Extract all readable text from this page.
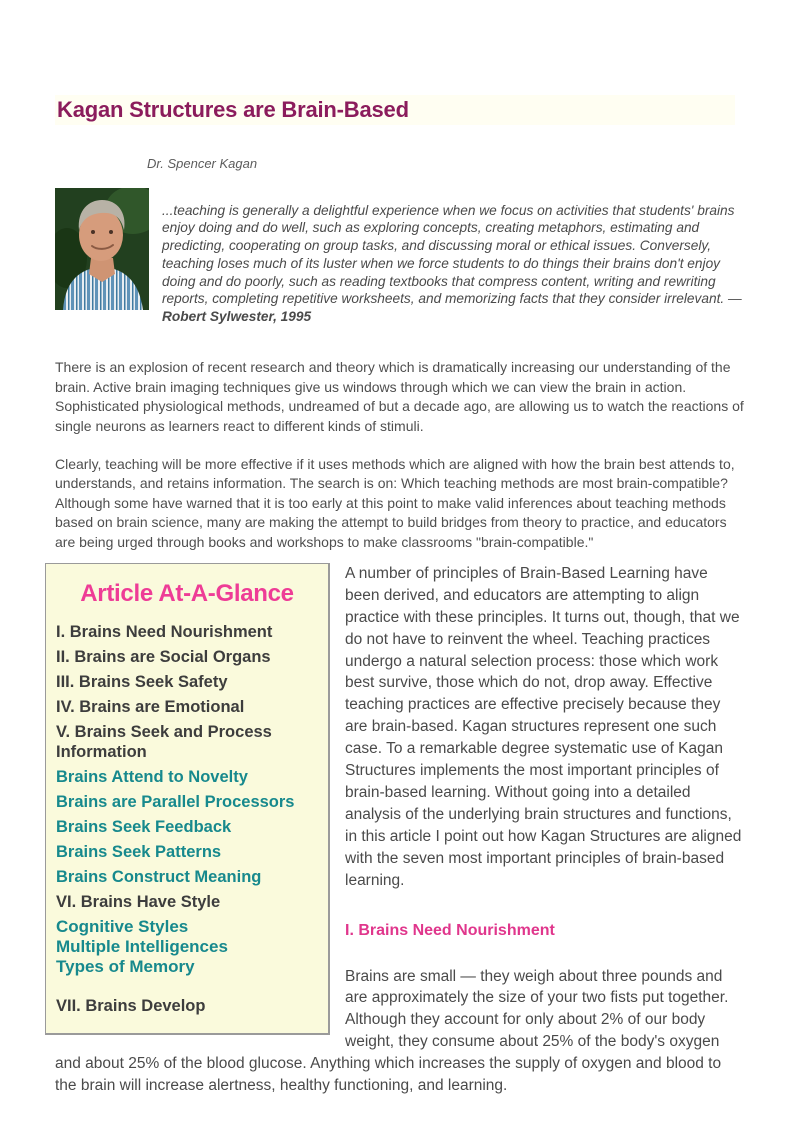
Kagan Structures are Brain-Based
Dr. Spencer Kagan

...teaching is generally a delightful experience when we focus on activities that students' brains enjoy doing and do well, such as exploring concepts, creating metaphors, estimating and predicting, cooperating on group tasks, and discussing moral or ethical issues. Conversely, teaching loses much of its luster when we force students to do things their brains don't enjoy doing and do poorly, such as reading textbooks that compress content, writing and rewriting reports, completing repetitive worksheets, and memorizing facts that they consider irrelevant. — Robert Sylwester, 1995

There is an explosion of recent research and theory which is dramatically increasing our understanding of the brain. Active brain imaging techniques give us windows through which we can view the brain in action. Sophisticated physiological methods, undreamed of but a decade ago, are allowing us to watch the reactions of single neurons as learners react to different kinds of stimuli.

Clearly, teaching will be more effective if it uses methods which are aligned with how the brain best attends to, understands, and retains information. The search is on: Which teaching methods are most brain-compatible? Although some have warned that it is too early at this point to make valid inferences about teaching methods based on brain science, many are making the attempt to build bridges from theory to practice, and educators are being urged through books and workshops to make classrooms "brain-compatible."

Article At-A-Glance
I. Brains Need Nourishment
II. Brains are Social Organs
III. Brains Seek Safety
IV. Brains are Emotional
V. Brains Seek and Process Information
Brains Attend to Novelty
Brains are Parallel Processors
Brains Seek Feedback
Brains Seek Patterns
Brains Construct Meaning
VI. Brains Have Style
Cognitive Styles
Multiple Intelligences
Types of Memory
VII. Brains Develop

A number of principles of Brain-Based Learning have been derived, and educators are attempting to align practice with these principles. It turns out, though, that we do not have to reinvent the wheel. Teaching practices undergo a natural selection process: those which work best survive, those which do not, drop away. Effective teaching practices are effective precisely because they are brain-based. Kagan structures represent one such case. To a remarkable degree systematic use of Kagan Structures implements the most important principles of brain-based learning. Without going into a detailed analysis of the underlying brain structures and functions, in this article I point out how Kagan Structures are aligned with the seven most important principles of brain-based learning.

I. Brains Need Nourishment

Brains are small — they weigh about three pounds and are approximately the size of your two fists put together. Although they account for only about 2% of our body weight, they consume about 25% of the body's oxygen and about 25% of the blood glucose. Anything which increases the supply of oxygen and blood to the brain will increase alertness, healthy functioning, and learning.
